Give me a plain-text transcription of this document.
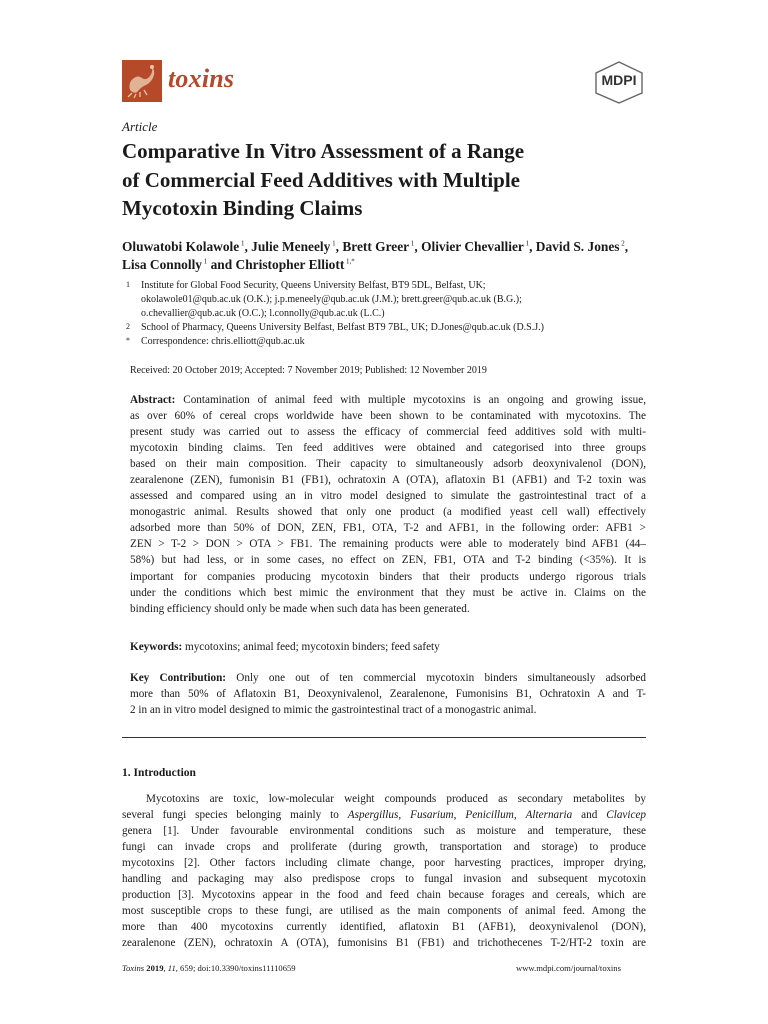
toxins	MDPI
Article
Comparative In Vitro Assessment of a Range
of Commercial Feed Additives with Multiple
Mycotoxin Binding Claims
Oluwatobi Kolawole $^1$, Julie Meneely $^1$, Brett Greer $^1$, Olivier Chevallier $^1$, David S. Jones $^2$,
Lisa Connolly $^1$ and Christopher Elliott $^{1,*}$
1 Institute for Global Food Security, Queens University Belfast, BT9 5DL, Belfast, UK;
okolawole01@qub.ac.uk (O.K.); j.p.meneely@qub.ac.uk (J.M.); brett.greer@qub.ac.uk (B.G.);
o.chevallier@qub.ac.uk (O.C.); l.connolly@qub.ac.uk (L.C.)
2 School of Pharmacy, Queens University Belfast, Belfast BT9 7BL, UK; D.Jones@qub.ac.uk (D.S.J.)
* Correspondence: chris.elliott@qub.ac.uk
Received: 20 October 2019; Accepted: 7 November 2019; Published: 12 November 2019
Abstract: Contamination of animal feed with multiple mycotoxins is an ongoing and growing issue,
as over 60% of cereal crops worldwide have been shown to be contaminated with mycotoxins. The
present study was carried out to assess the efficacy of commercial feed additives sold with multi-
mycotoxin binding claims. Ten feed additives were obtained and categorised into three groups
based on their main composition. Their capacity to simultaneously adsorb deoxynivalenol (DON),
zearalenone (ZEN), fumonisin B1 (FB1), ochratoxin A (OTA), aflatoxin B1 (AFB1) and T-2 toxin was
assessed and compared using an in vitro model designed to simulate the gastrointestinal tract of a
monogastric animal. Results showed that only one product (a modified yeast cell wall) effectively
adsorbed more than 50% of DON, ZEN, FB1, OTA, T-2 and AFB1, in the following order: AFB1 >
ZEN > T-2 > DON > OTA > FB1. The remaining products were able to moderately bind AFB1 (44–
58%) but had less, or in some cases, no effect on ZEN, FB1, OTA and T-2 binding (<35%). It is
important for companies producing mycotoxin binders that their products undergo rigorous trials
under the conditions which best mimic the environment that they must be active in. Claims on the
binding efficiency should only be made when such data has been generated.
Keywords: mycotoxins; animal feed; mycotoxin binders; feed safety
Key Contribution: Only one out of ten commercial mycotoxin binders simultaneously adsorbed
more than 50% of Aflatoxin B1, Deoxynivalenol, Zearalenone, Fumonisins B1, Ochratoxin A and T-
2 in an in vitro model designed to mimic the gastrointestinal tract of a monogastric animal.
1. Introduction
Mycotoxins are toxic, low-molecular weight compounds produced as secondary metabolites by
several fungi species belonging mainly to Aspergillus, Fusarium, Penicillum, Alternaria and Clavicep
genera [1]. Under favourable environmental conditions such as moisture and temperature, these
fungi can invade crops and proliferate (during growth, transportation and storage) to produce
mycotoxins [2]. Other factors including climate change, poor harvesting practices, improper drying,
handling and packaging may also predispose crops to fungal invasion and subsequent mycotoxin
production [3]. Mycotoxins appear in the food and feed chain because forages and cereals, which are
most susceptible crops to these fungi, are utilised as the main components of animal feed. Among the
more than 400 mycotoxins currently identified, aflatoxin B1 (AFB1), deoxynivalenol (DON),
zearalenone (ZEN), ochratoxin A (OTA), fumonisins B1 (FB1) and trichothecenes T-2/HT-2 toxin are
Toxins 2019, 11, 659; doi:10.3390/toxins11110659	www.mdpi.com/journal/toxins
